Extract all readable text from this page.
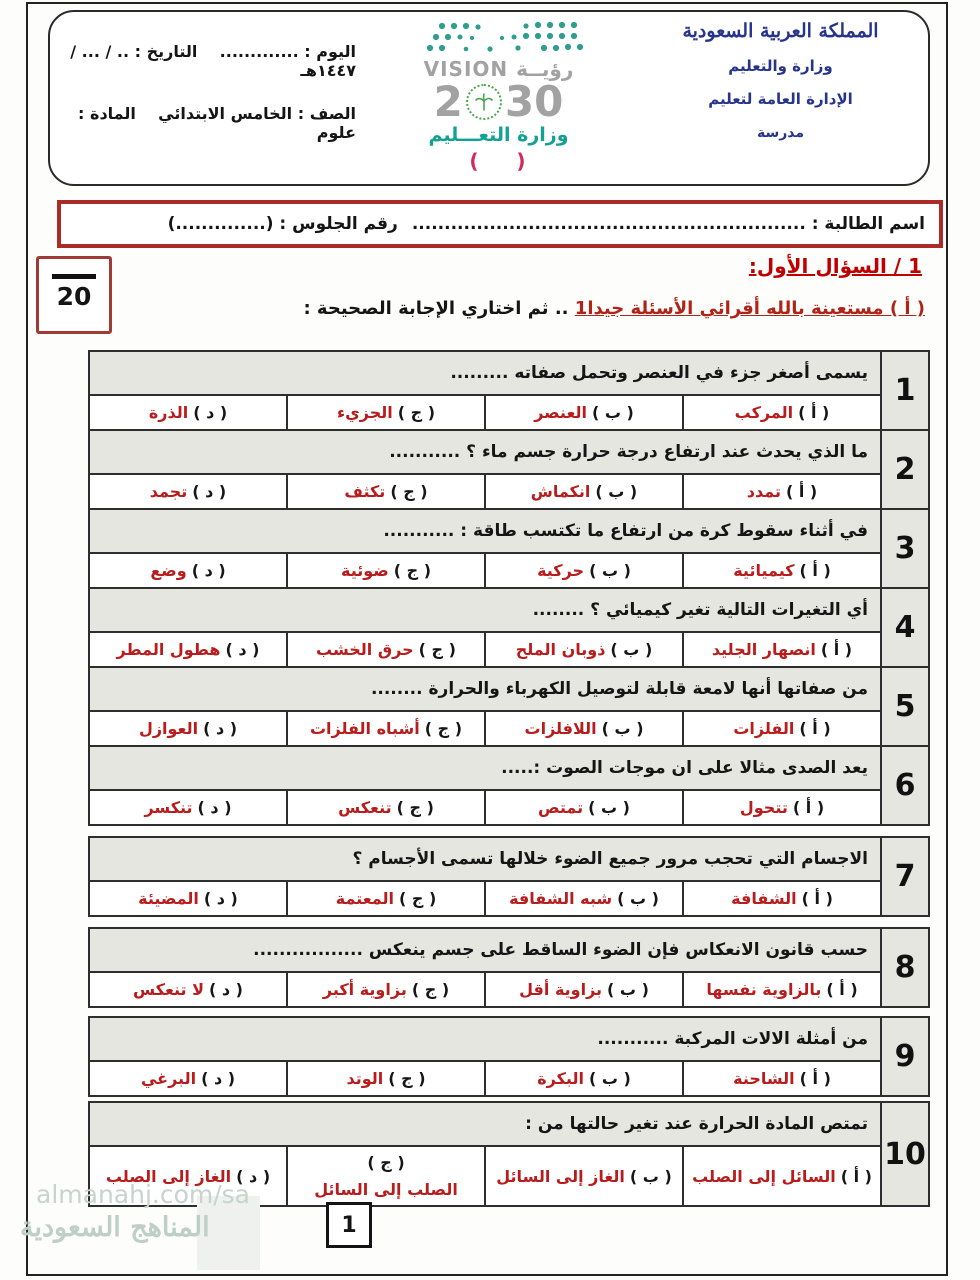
المملكة العربية السعودية
وزارة والتعليم
الإدارة العامة لتعليم
مدرسة
VISION رؤيــة
2 30
وزارة التعـــليم
(    )
اليوم : .............    التاريخ : .. / ... / ١٤٤٧هـ
الصف : الخامس الابتدائي    المادة : علوم
اسم الطالبة : .............................................................
رقم الجلوس : (..............)
20
1 / السؤال الأول:
( أ ) مستعينة بالله أقرائي الأسئلة جيدا1 .. ثم اختاري الإجابة الصحيحة :
1
يسمى أصغر جزء في العنصر وتحمل صفاته .........
( أ )
المركب
( ب )
العنصر
( ج )
الجزيء
( د )
الذرة
2
ما الذي يحدث عند ارتفاع درجة حرارة جسم ماء ؟ ...........
( أ )
تمدد
( ب )
انكماش
( ج )
تكثف
( د )
تجمد
3
في أثناء سقوط كرة من ارتفاع ما تكتسب طاقة : ...........
( أ )
كيميائية
( ب )
حركية
( ج )
ضوئية
( د )
وضع
4
أي التغيرات التالية تغير كيميائي ؟ ........
( أ )
انصهار الجليد
( ب )
ذوبان الملح
( ج )
حرق الخشب
( د )
هطول المطر
5
من صفاتها أنها لامعة قابلة لتوصيل الكهرباء والحرارة ........
( أ )
الفلزات
( ب )
اللافلزات
( ج )
أشباه الفلزات
( د )
العوازل
6
يعد الصدى مثالا على ان موجات الصوت :.....
( أ )
تتحول
( ب )
تمتص
( ج )
تنعكس
( د )
تنكسر
7
الاجسام التي تحجب مرور جميع الضوء خلالها تسمى الأجسام ؟
( أ )
الشفافة
( ب )
شبه الشفافة
( ج )
المعتمة
( د )
المضيئة
8
حسب قانون الانعكاس فإن الضوء الساقط على جسم ينعكس .................
( أ )
بالزاوية نفسها
( ب )
بزاوية أقل
( ج )
بزاوية أكبر
( د )
لا تنعكس
9
من أمثلة الالات المركبة ...........
( أ )
الشاحنة
( ب )
البكرة
( ج )
الوتد
( د )
البرغي
10
تمتص المادة الحرارة عند تغير حالتها من :
( أ )
السائل إلى الصلب
( ب )
الغاز إلى السائل
( ج )
الصلب إلى السائل
( د )
الغاز إلى الصلب
almanahj.com/sa
المناهج السعودية	1
